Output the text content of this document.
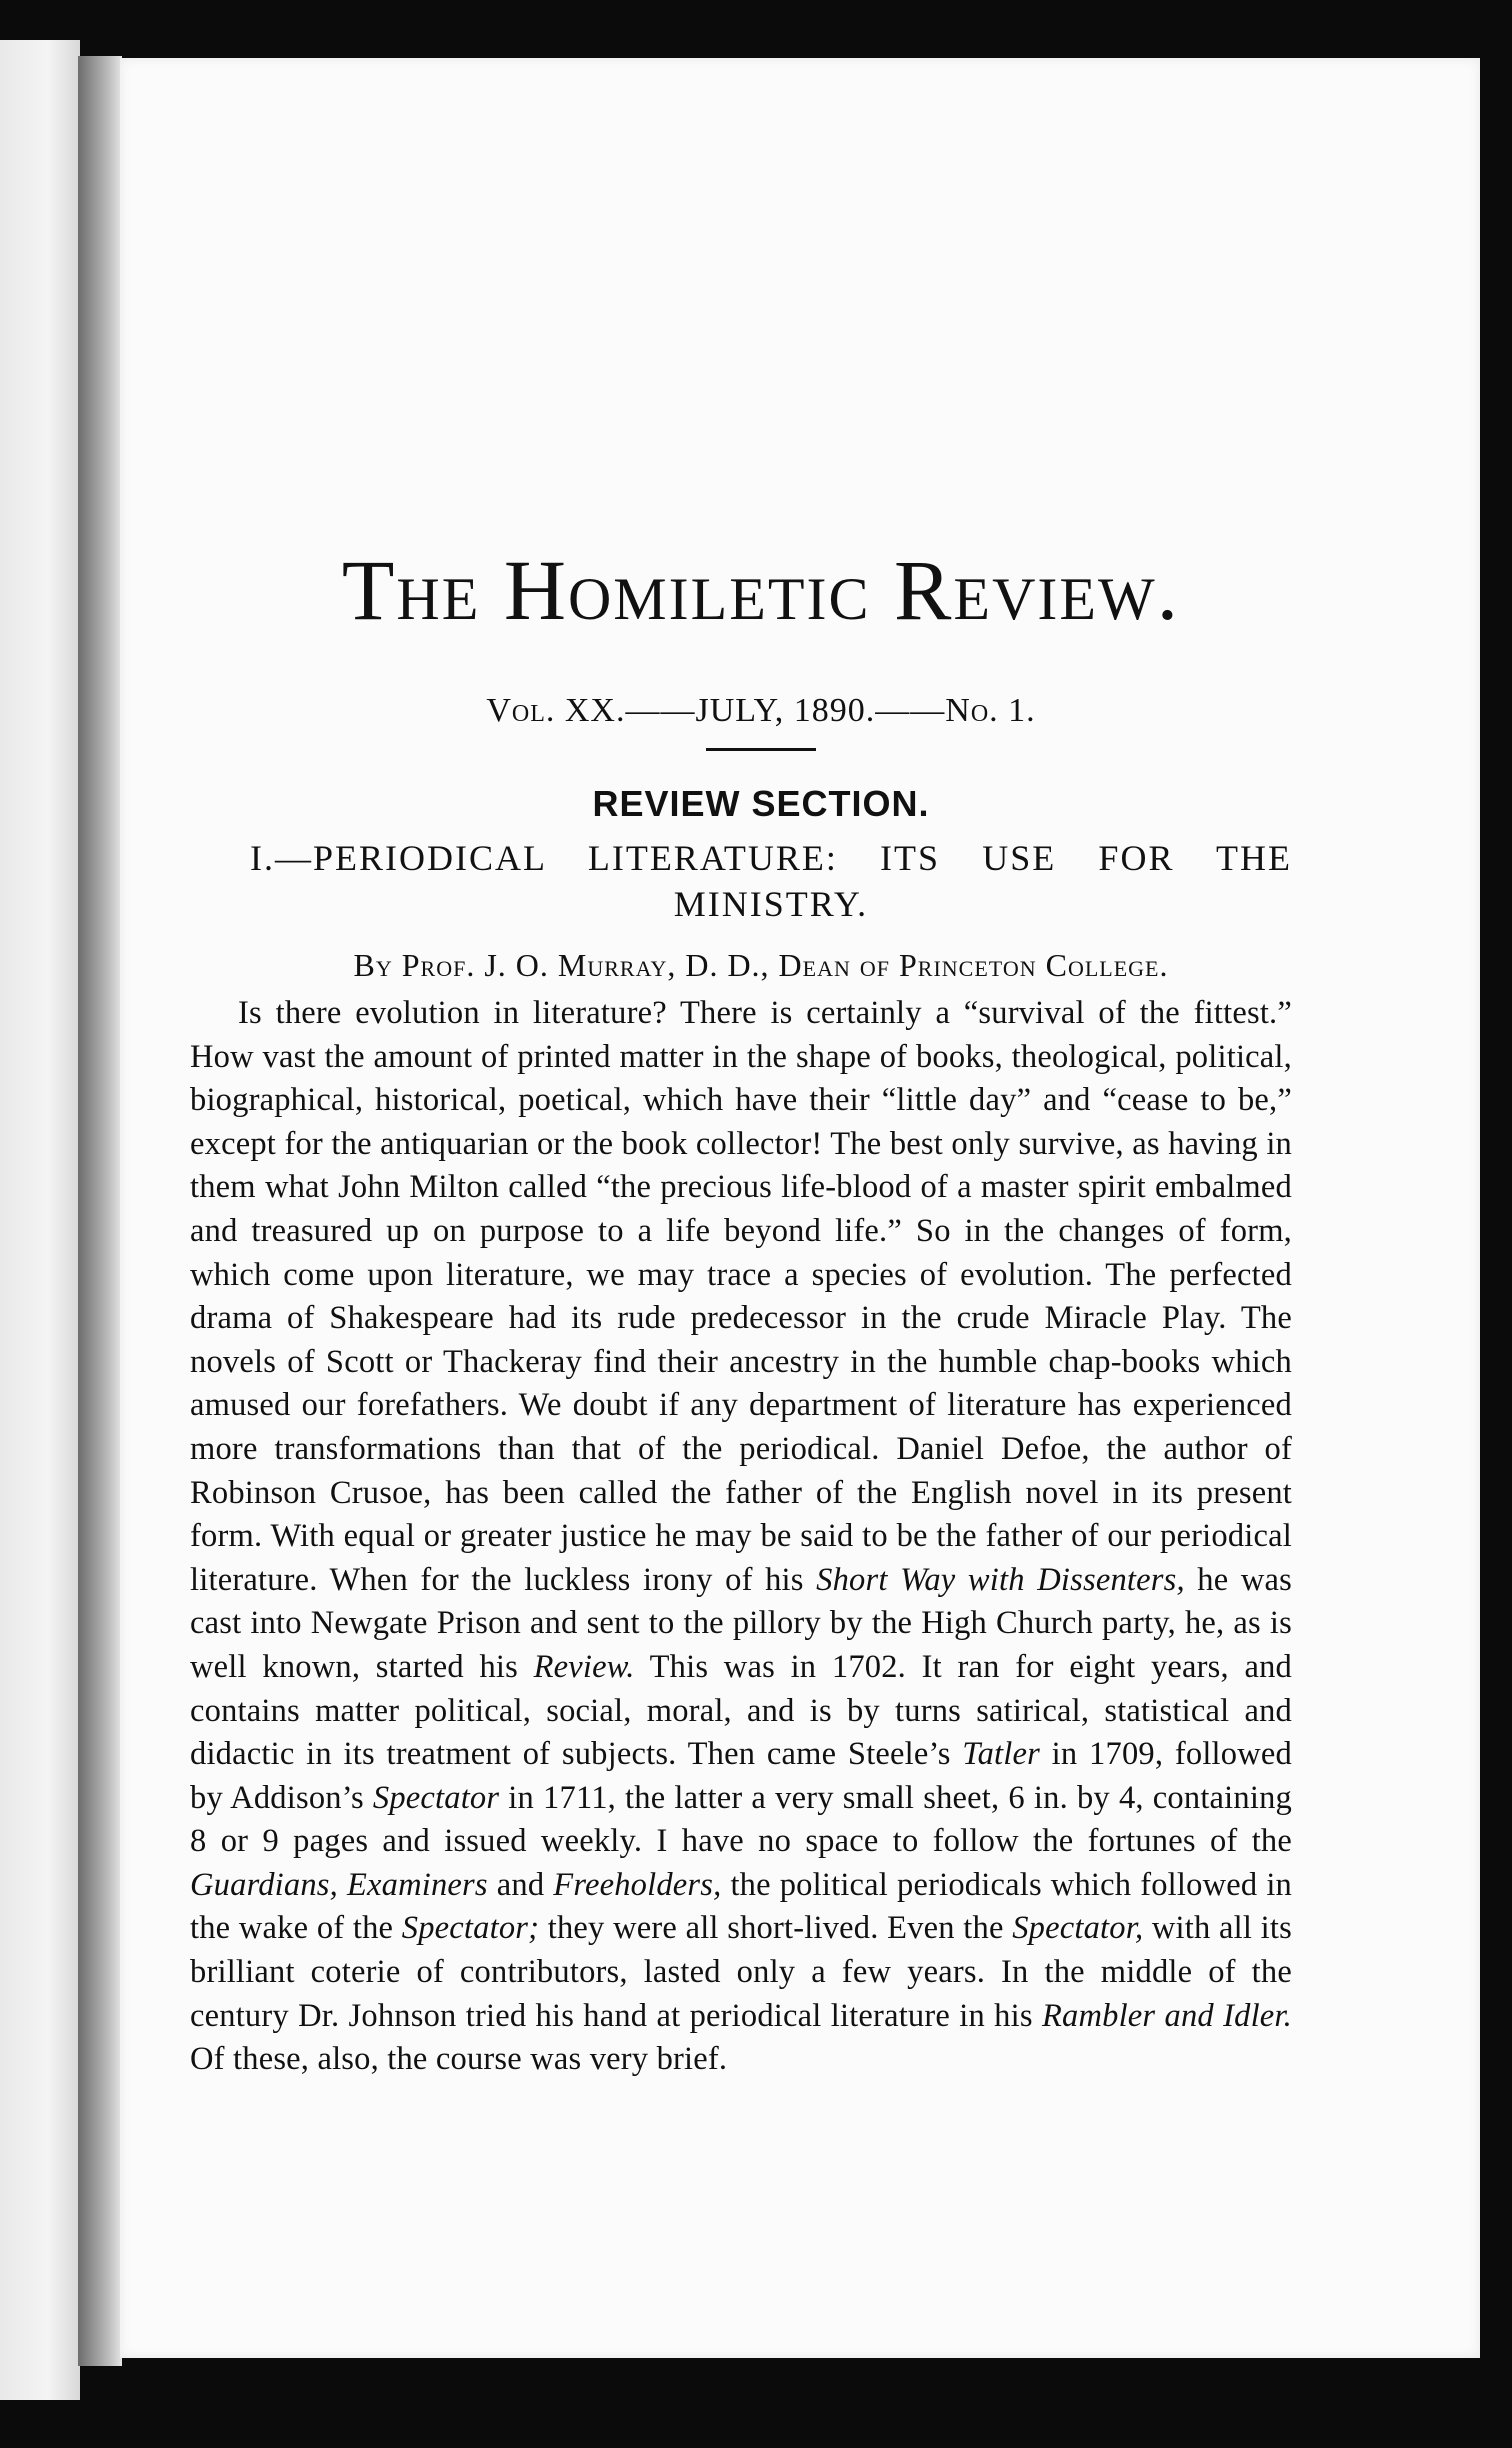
The Homiletic Review.
Vol. XX.——JULY, 1890.——No. 1.
REVIEW SECTION.
I.—PERIODICAL LITERATURE: ITS USE FOR THE MINISTRY.
By Prof. J. O. Murray, D. D., Dean of Princeton College.

Is there evolution in literature? There is certainly a “survival of the fittest.” How vast the amount of printed matter in the shape of books, theological, political, biographical, historical, poetical, which have their “little day” and “cease to be,” except for the antiquarian or the book collector! The best only survive, as having in them what John Milton called “the precious life-blood of a master spirit embalmed and treasured up on purpose to a life beyond life.” So in the changes of form, which come upon literature, we may trace a species of evolution. The perfected drama of Shakespeare had its rude predecessor in the crude Miracle Play. The novels of Scott or Thackeray find their ancestry in the humble chap-books which amused our forefathers. We doubt if any department of literature has experienced more transformations than that of the periodical. Daniel Defoe, the author of Robinson Crusoe, has been called the father of the English novel in its present form. With equal or greater justice he may be said to be the father of our periodical literature. When for the luckless irony of his Short Way with Dissenters, he was cast into Newgate Prison and sent to the pillory by the High Church party, he, as is well known, started his Review. This was in 1702. It ran for eight years, and contains matter political, social, moral, and is by turns satirical, statistical and didactic in its treatment of subjects. Then came Steele’s Tatler in 1709, followed by Addison’s Spectator in 1711, the latter a very small sheet, 6 in. by 4, containing 8 or 9 pages and issued weekly. I have no space to follow the fortunes of the Guardians, Examiners and Freeholders, the political periodicals which followed in the wake of the Spectator; they were all short-lived. Even the Spectator, with all its brilliant coterie of contributors, lasted only a few years. In the middle of the century Dr. Johnson tried his hand at periodical literature in his Rambler and Idler. Of these, also, the course was very brief.
